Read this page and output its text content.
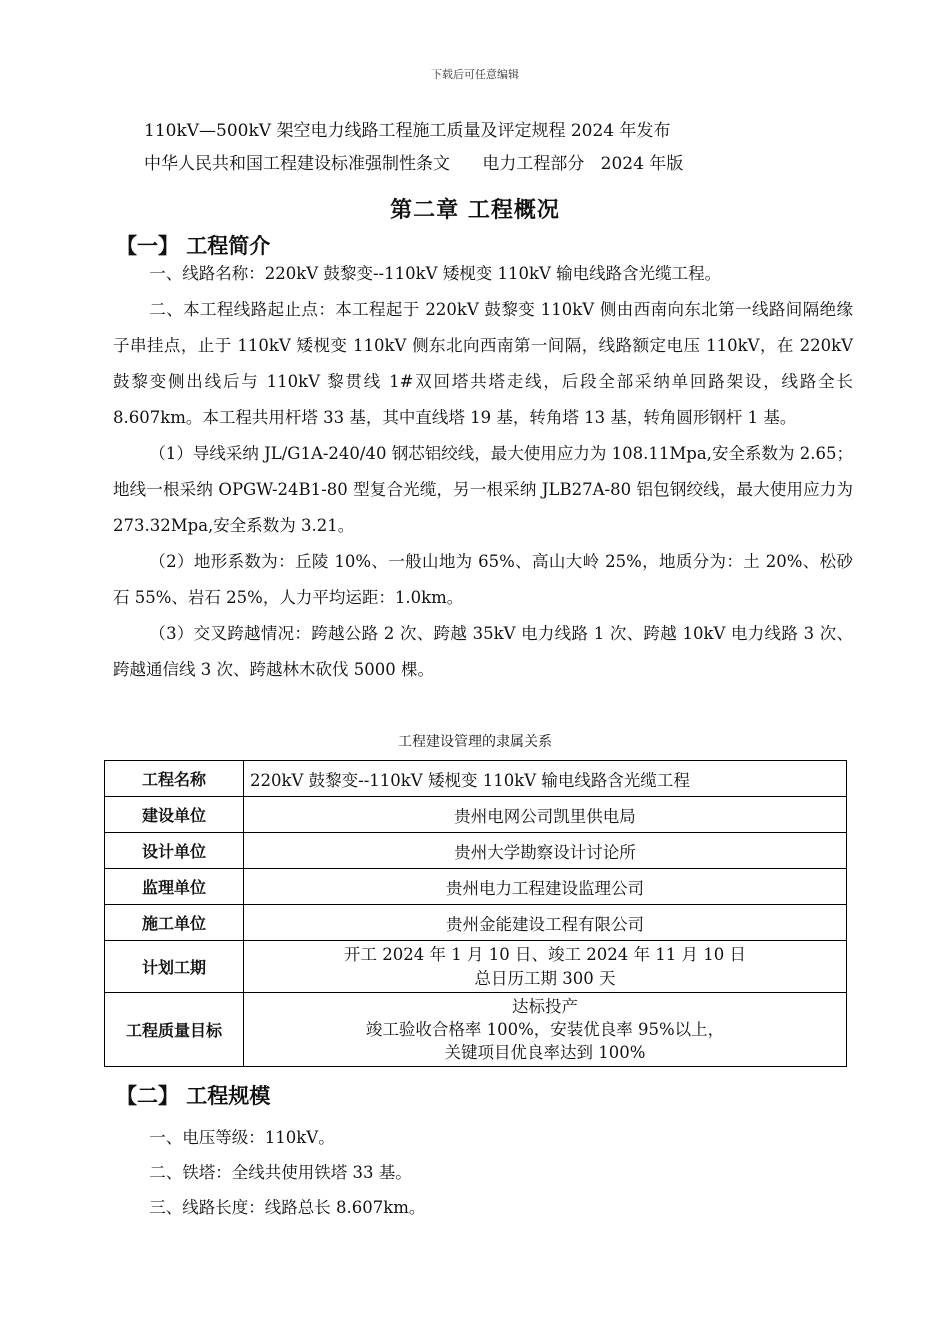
下载后可任意编辑
110kV—500kV 架空电力线路工程施工质量及评定规程 2024 年发布
中华人民共和国工程建设标准强制性条文      电力工程部分   2024 年版
第二章 工程概况
【一】 工程简介

一、线路名称：220kV 鼓黎变--110kV 矮枧变 110kV 输电线路含光缆工程。

二、本工程线路起止点：本工程起于 220kV 鼓黎变 110kV 侧由西南向东北第一线路间隔绝缘子串挂点，止于 110kV 矮枧变 110kV 侧东北向西南第一间隔，线路额定电压 110kV，在 220kV 鼓黎变侧出线后与 110kV 黎贯线 1#双回塔共塔走线，后段全部采纳单回路架设，线路全长 8.607km。本工程共用杆塔 33 基，其中直线塔 19 基，转角塔 13 基，转角圆形钢杆 1 基。

（1）导线采纳 JL/G1A-240/40 钢芯铝绞线，最大使用应力为 108.11Mpa,安全系数为 2.65；地线一根采纳 OPGW-24B1-80 型复合光缆，另一根采纳 JLB27A-80 铝包钢绞线，最大使用应力为 273.32Mpa,安全系数为 3.21。

（2）地形系数为：丘陵 10%、一般山地为 65%、高山大岭 25%，地质分为：土 20%、松砂石 55%、岩石 25%，人力平均运距：1.0km。

（3）交叉跨越情况：跨越公路 2 次、跨越 35kV 电力线路 1 次、跨越 10kV 电力线路 3 次、跨越通信线 3 次、跨越林木砍伐 5000 棵。

工程建设管理的隶属关系
工程名称	220kV 鼓黎变--110kV 矮枧变 110kV 输电线路含光缆工程
建设单位	贵州电网公司凯里供电局
设计单位	贵州大学勘察设计讨论所
监理单位	贵州电力工程建设监理公司
施工单位	贵州金能建设工程有限公司
计划工期	开工 2024 年 1 月 10 日、竣工 2024 年 11 月 10 日
总日历工期 300 天

工程质量目标	达标投产
竣工验收合格率 100%，安装优良率 95%以上，
关键项目优良率达到 100%
【二】 工程规模

一、电压等级：110kV。

二、铁塔：全线共使用铁塔 33 基。

三、线路长度：线路总长 8.607km。
